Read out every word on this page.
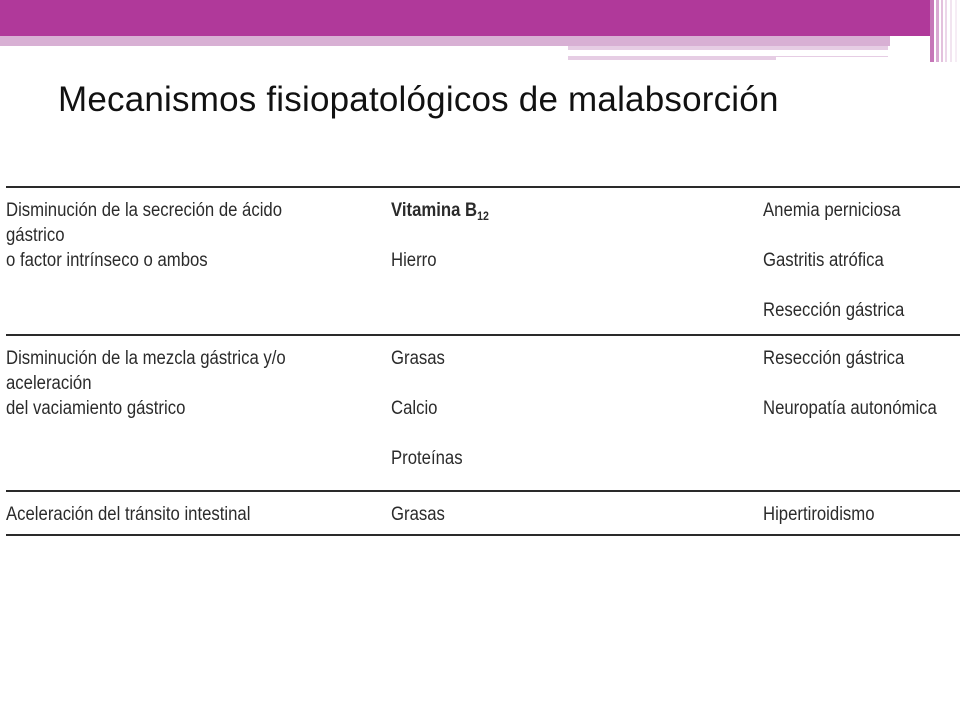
Mecanismos fisiopatológicos de malabsorción
Disminución de la secreción de ácido gástrico
o factor intrínseco o ambos
Vitamina $B_{12}$
Hierro
Anemia perniciosa
Gastritis atrófica
Resección gástrica
Disminución de la mezcla gástrica y/o aceleración
del vaciamiento gástrico
Grasas
Calcio
Proteínas
Resección gástrica
Neuropatía autonómica
Aceleración del tránsito intestinal	Grasas	Hipertiroidismo
